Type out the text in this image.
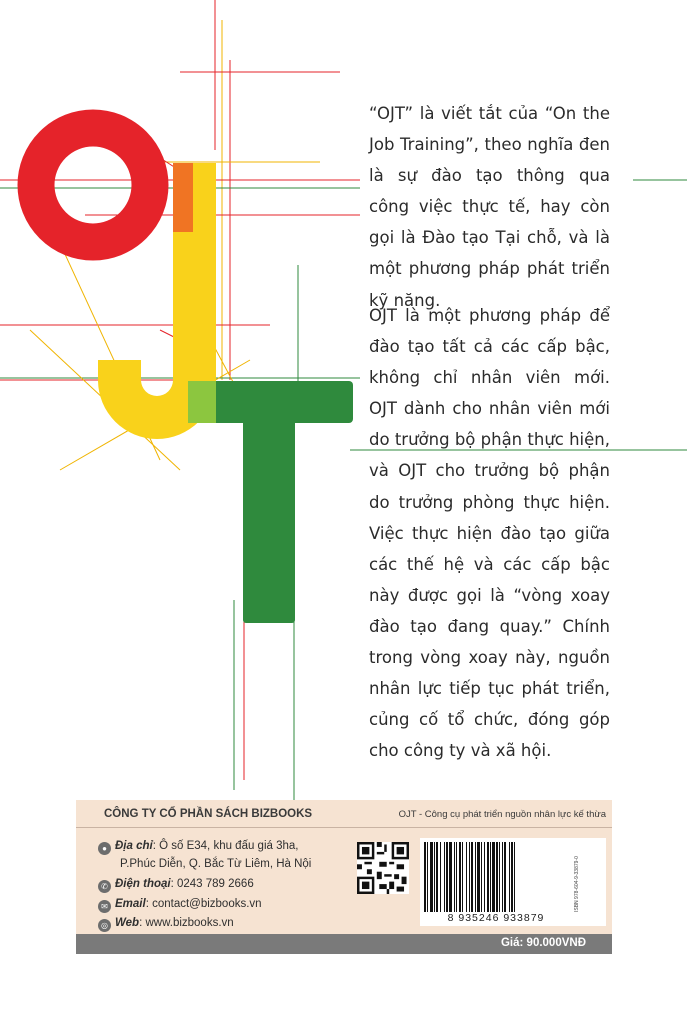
“OJT” là viết tắt của “On the Job Training”, theo nghĩa đen là sự đào tạo thông qua công việc thực tế, hay còn gọi là Đào tạo Tại chỗ, và là một phương pháp phát triển kỹ năng.

OJT là một phương pháp để đào tạo tất cả các cấp bậc, không chỉ nhân viên mới. OJT dành cho nhân viên mới do trưởng bộ phận thực hiện, và OJT cho trưởng bộ phận do trưởng phòng thực hiện. Việc thực hiện đào tạo giữa các thế hệ và các cấp bậc này được gọi là “vòng xoay đào tạo đang quay.” Chính trong vòng xoay này, nguồn nhân lực tiếp tục phát triển, củng cố tổ chức, đóng góp cho công ty và xã hội.

CÔNG TY CỔ PHẦN SÁCH BIZBOOKS	OJT - Công cụ phát triển nguồn nhân lực kế thừa
● Địa chỉ: Ô số E34, khu đấu giá 3ha,
P.Phúc Diễn, Q. Bắc Từ Liêm, Hà Nội
✆ Điện thoại: 0243 789 2666
✉ Email: contact@bizbooks.vn
◎ Web: www.bizbooks.vn	8 935246 933879
ISBN 978-604-9-33879-0
Giá: 90.000VNĐ
